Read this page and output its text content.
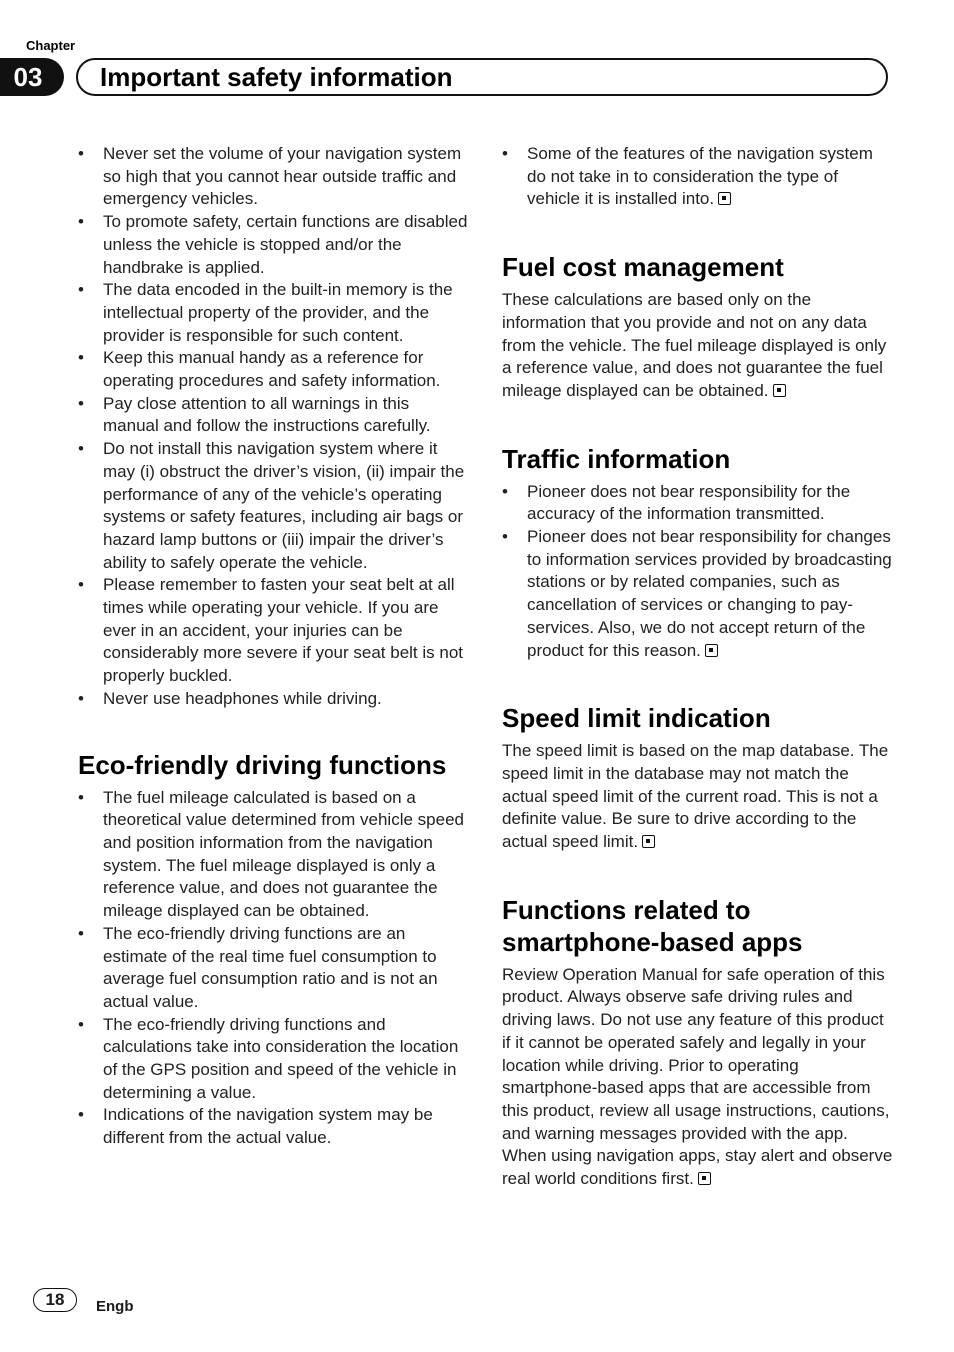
Chapter
03	Important safety information
• Never set the volume of your navigation system so high that you cannot hear outside traffic and emergency vehicles.
• To promote safety, certain functions are disabled unless the vehicle is stopped and/or the handbrake is applied.
• The data encoded in the built-in memory is the intellectual property of the provider, and the provider is responsible for such content.
• Keep this manual handy as a reference for operating procedures and safety information.
• Pay close attention to all warnings in this manual and follow the instructions carefully.
• Do not install this navigation system where it may (i) obstruct the driver’s vision, (ii) impair the performance of any of the vehicle’s operating systems or safety features, including air bags or hazard lamp buttons or (iii) impair the driver’s ability to safely operate the vehicle.
• Please remember to fasten your seat belt at all times while operating your vehicle. If you are ever in an accident, your injuries can be considerably more severe if your seat belt is not properly buckled.
• Never use headphones while driving.
Eco-friendly driving functions
• The fuel mileage calculated is based on a theoretical value determined from vehicle speed and position information from the navigation system. The fuel mileage displayed is only a reference value, and does not guarantee the mileage displayed can be obtained.
• The eco-friendly driving functions are an estimate of the real time fuel consumption to average fuel consumption ratio and is not an actual value.
• The eco-friendly driving functions and calculations take into consideration the location of the GPS position and speed of the vehicle in determining a value.
• Indications of the navigation system may be different from the actual value.
• Some of the features of the navigation system do not take in to consideration the type of vehicle it is installed into.
Fuel cost management

These calculations are based only on the information that you provide and not on any data from the vehicle. The fuel mileage displayed is only a reference value, and does not guarantee the fuel mileage displayed can be obtained.

Traffic information
• Pioneer does not bear responsibility for the accuracy of the information transmitted.
• Pioneer does not bear responsibility for changes to information services provided by broadcasting stations or by related companies, such as cancellation of services or changing to pay-services. Also, we do not accept return of the product for this reason.
Speed limit indication

The speed limit is based on the map database. The speed limit in the database may not match the actual speed limit of the current road. This is not a definite value. Be sure to drive according to the actual speed limit.

Functions related to smartphone-based apps

Review Operation Manual for safe operation of this product. Always observe safe driving rules and driving laws. Do not use any feature of this product if it cannot be operated safely and legally in your location while driving. Prior to operating smartphone-based apps that are accessible from this product, review all usage instructions, cautions, and warning messages provided with the app. When using navigation apps, stay alert and observe real world conditions first.

18	Engb
